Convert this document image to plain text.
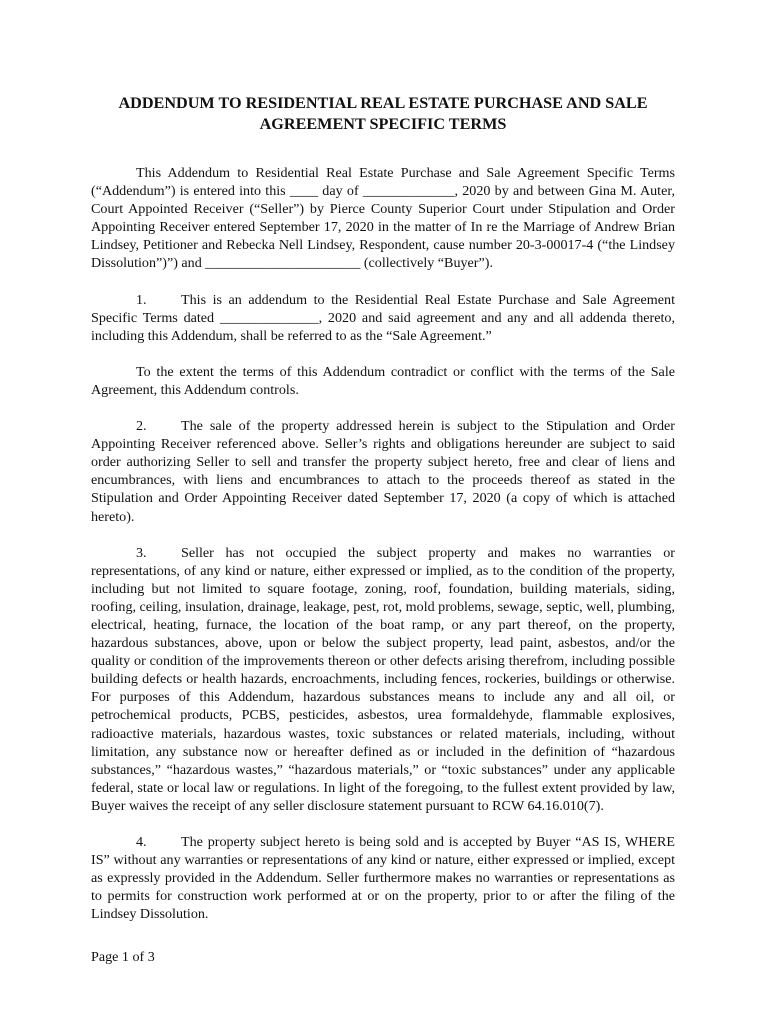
ADDENDUM TO RESIDENTIAL REAL ESTATE PURCHASE AND SALE
AGREEMENT SPECIFIC TERMS

This Addendum to Residential Real Estate Purchase and Sale Agreement Specific Terms (“Addendum”) is entered into this ____ day of _____________, 2020 by and between Gina M. Auter, Court Appointed Receiver (“Seller”) by Pierce County Superior Court under Stipulation and Order Appointing Receiver entered September 17, 2020 in the matter of In re the Marriage of Andrew Brian Lindsey, Petitioner and Rebecka Nell Lindsey, Respondent, cause number 20-3-00017-4 (“the Lindsey Dissolution”)”) and ______________________ (collectively “Buyer”).

1. This is an addendum to the Residential Real Estate Purchase and Sale Agreement Specific Terms dated ______________, 2020 and said agreement and any and all addenda thereto, including this Addendum, shall be referred to as the “Sale Agreement.”

To the extent the terms of this Addendum contradict or conflict with the terms of the Sale Agreement, this Addendum controls.

2. The sale of the property addressed herein is subject to the Stipulation and Order Appointing Receiver referenced above. Seller’s rights and obligations hereunder are subject to said order authorizing Seller to sell and transfer the property subject hereto, free and clear of liens and encumbrances, with liens and encumbrances to attach to the proceeds thereof as stated in the Stipulation and Order Appointing Receiver dated September 17, 2020 (a copy of which is attached hereto).

3. Seller has not occupied the subject property and makes no warranties or representations, of any kind or nature, either expressed or implied, as to the condition of the property, including but not limited to square footage, zoning, roof, foundation, building materials, siding, roofing, ceiling, insulation, drainage, leakage, pest, rot, mold problems, sewage, septic, well, plumbing, electrical, heating, furnace, the location of the boat ramp, or any part thereof, on the property, hazardous substances, above, upon or below the subject property, lead paint, asbestos, and/or the quality or condition of the improvements thereon or other defects arising therefrom, including possible building defects or health hazards, encroachments, including fences, rockeries, buildings or otherwise. For purposes of this Addendum, hazardous substances means to include any and all oil, or petrochemical products, PCBS, pesticides, asbestos, urea formaldehyde, flammable explosives, radioactive materials, hazardous wastes, toxic substances or related materials, including, without limitation, any substance now or hereafter defined as or included in the definition of “hazardous substances,” “hazardous wastes,” “hazardous materials,” or “toxic substances” under any applicable federal, state or local law or regulations. In light of the foregoing, to the fullest extent provided by law, Buyer waives the receipt of any seller disclosure statement pursuant to RCW 64.16.010(7).

4. The property subject hereto is being sold and is accepted by Buyer “AS IS, WHERE IS” without any warranties or representations of any kind or nature, either expressed or implied, except as expressly provided in the Addendum. Seller furthermore makes no warranties or representations as to permits for construction work performed at or on the property, prior to or after the filing of the Lindsey Dissolution.

Page 1 of 3
